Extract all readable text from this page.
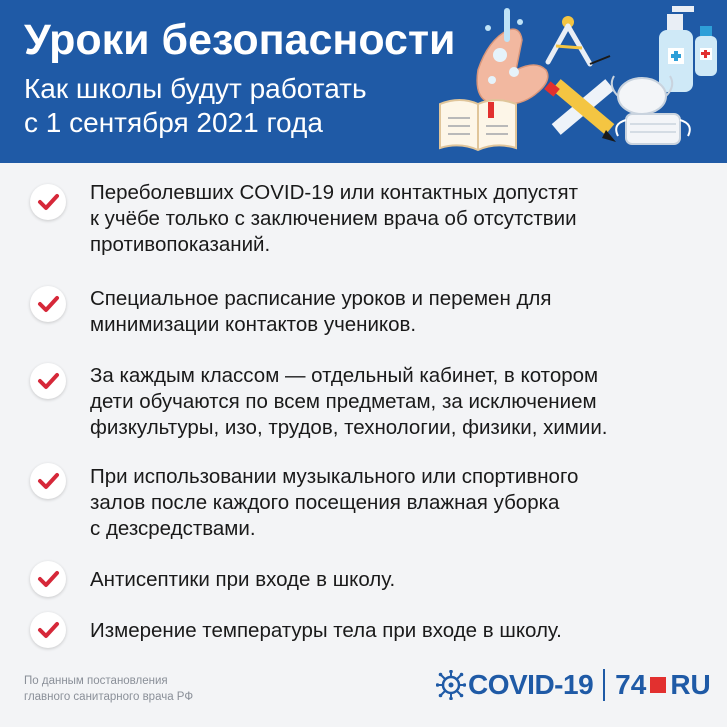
Уроки безопасности
Как школы будут работать
с 1 сентября 2021 года
Переболевших COVID-19 или контактных допустят
к учёбе только с заключением врача об отсутствии
противопоказаний.
Специальное расписание уроков и перемен для
минимизации контактов учеников.
За каждым классом — отдельный кабинет, в котором
дети обучаются по всем предметам, за исключением
физкультуры, изо, трудов, технологии, физики, химии.
При использовании музыкального или спортивного
залов после каждого посещения влажная уборка
с дезсредствами.
Антисептики при входе в школу.
Измерение температуры тела при входе в школу.
По данным постановления
главного санитарного врача РФ	COVID-19 74 RU
